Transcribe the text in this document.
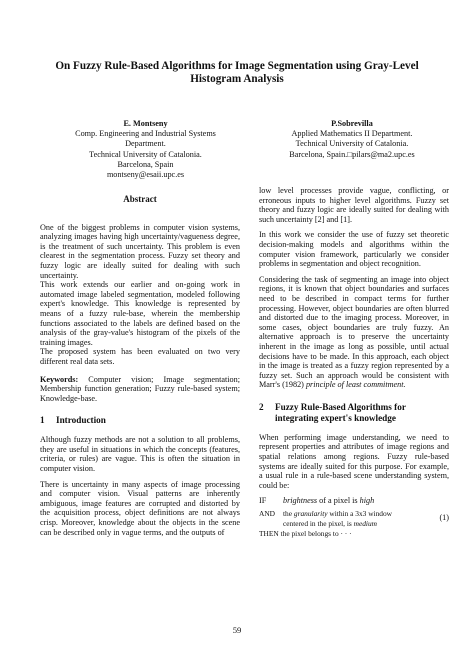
On Fuzzy Rule-Based Algorithms for Image Segmentation using Gray-Level
Histogram Analysis
E. Montseny
Comp. Engineering and Industrial Systems
Department.
Technical University of Catalonia.
Barcelona, Spain
montseny@esaii.upc.es
P.Sobrevilla
Applied Mathematics II Department.
Technical University of Catalonia.
Barcelona, Spain.□pilars@ma2.upc.es
Abstract

One of the biggest problems in computer vision systems, analyzing images having high uncertainty/vagueness degree, is the treatment of such uncertainty. This problem is even clearest in the segmentation process. Fuzzy set theory and fuzzy logic are ideally suited for dealing with such uncertainty.

This work extends our earlier and on-going work in automated image labeled segmentation, modeled following expert's knowledge. This knowledge is represented by means of a fuzzy rule-base, wherein the membership functions associated to the labels are defined based on the analysis of the gray-value's histogram of the pixels of the training images.

The proposed system has been evaluated on two very different real data sets.

Keywords: Computer vision; Image segmentation; Membership function generation; Fuzzy rule-based system; Knowledge-base.

1 Introduction

Although fuzzy methods are not a solution to all problems, they are useful in situations in which the concepts (features, criteria, or rules) are vague. This is often the situation in computer vision.

There is uncertainty in many aspects of image processing and computer vision. Visual patterns are inherently ambiguous, image features are corrupted and distorted by the acquisition process, object definitions are not always crisp. Moreover, knowledge about the objects in the scene can be described only in vague terms, and the outputs of

low level processes provide vague, conflicting, or erroneous inputs to higher level algorithms. Fuzzy set theory and fuzzy logic are ideally suited for dealing with such uncertainty [2] and [1].

In this work we consider the use of fuzzy set theoretic decision-making models and algorithms within the computer vision framework, particularly we consider problems in segmentation and object recognition.

Considering the task of segmenting an image into object regions, it is known that object boundaries and surfaces need to be described in compact terms for further processing. However, object boundaries are often blurred and distorted due to the imaging process. Moreover, in some cases, object boundaries are truly fuzzy. An alternative approach is to preserve the uncertainty inherent in the image as long as possible, until actual decisions have to be made. In this approach, each object in the image is treated as a fuzzy region represented by a fuzzy set. Such an approach would be consistent with Marr's (1982) principle of least commitment.

2	Fuzzy Rule-Based Algorithms for integrating expert's knowledge

When performing image understanding, we need to represent properties and attributes of image regions and spatial relations among regions. Fuzzy rule-based systems are ideally suited for this purpose. For example, a usual rule in a rule-based scene understanding system, could be:

IF	brightness of a pixel is high
AND	the granularity within a 3x3 window
centered in the pixel, is medium
(1)
THEN the pixel belongs to · · ·
59
